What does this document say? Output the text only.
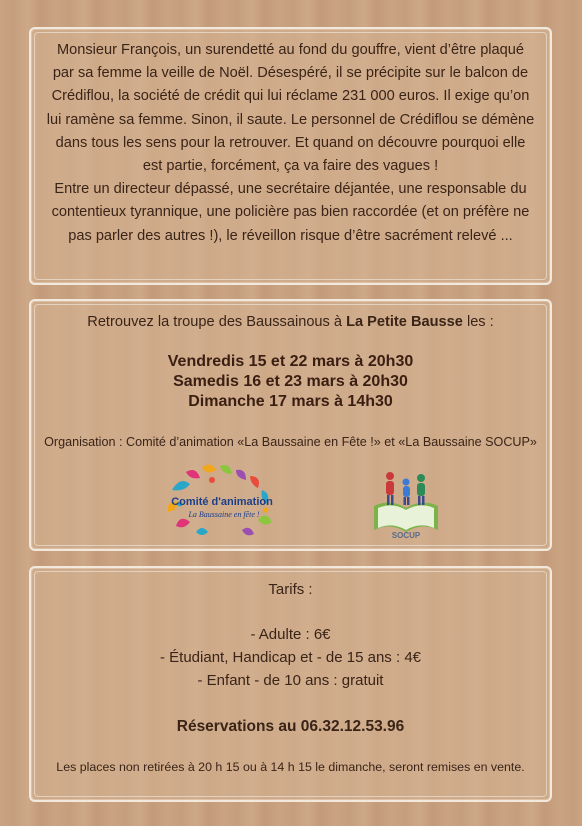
Monsieur François, un surendetté au fond du gouffre, vient d’être plaqué par sa femme la veille de Noël. Désespéré, il se précipite sur le balcon de Crédiflou, la société de crédit qui lui réclame 231 000 euros. Il exige qu’on lui ramène sa femme. Sinon, il saute. Le personnel de Crédiflou se démène dans tous les sens pour la retrouver. Et quand on découvre pourquoi elle est partie, forcément, ça va faire des vagues !

Entre un directeur dépassé, une secrétaire déjantée, une responsable du contentieux tyrannique, une policière pas bien raccordée (et on préfère ne pas parler des autres !), le réveillon risque d’être sacrément relevé ...

Retrouvez la troupe des Baussainous à La Petite Bausse les :

Vendredis 15 et 22 mars à 20h30
Samedis 16 et 23 mars à 20h30
Dimanche 17 mars à 14h30
Organisation : Comité d’animation «La Baussaine en Fête !» et «La Baussaine SOCUP»
Comité d'animation
La Baussaine en fête !
SOCUP

Tarifs :

- Adulte : 6€
- Étudiant, Handicap et - de 15 ans : 4€
- Enfant - de 10 ans : gratuit
Réservations au 06.32.12.53.96
Les places non retirées à 20 h 15 ou à 14 h 15 le dimanche, seront remises en vente.
